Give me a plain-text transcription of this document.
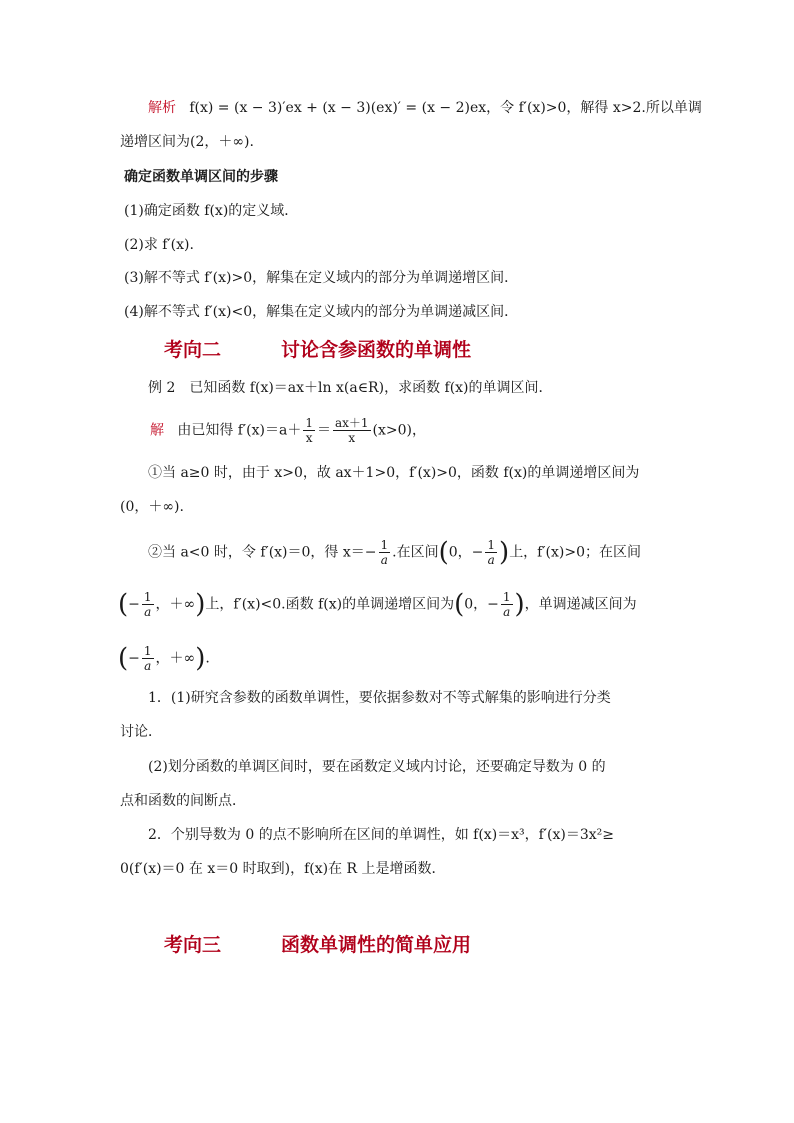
解析 f(x) = (x − 3)′ex + (x − 3)(ex)′ = (x − 2)ex，令 f′(x)>0，解得 x>2.所以单调
递增区间为(2，＋∞).
确定函数单调区间的步骤
(1)确定函数 f(x)的定义域．
(2)求 f′(x).
(3)解不等式 f′(x)>0，解集在定义域内的部分为单调递增区间．
(4)解不等式 f′(x)<0，解集在定义域内的部分为单调递减区间．
考向二	讨论含参函数的单调性
例 2　已知函数 f(x)＝ax＋ln x(a∈R)，求函数 f(x)的单调区间．
解 由已知得 $f'(x)=a+ \frac{1}{x} = \frac{ax+1}{x} (x>0)$，
①当 a≥0 时，由于 x>0，故 ax＋1>0，f′(x)>0，函数 f(x)的单调递增区间为
(0，＋∞).
②当 a<0 时，令 f′(x)＝0，得 $x=- \frac{1}{a}$ .在区间(0，− $\frac{1}{a}$ )上，f′(x)>0；在区间
(− $\frac{1}{a}$ ，＋∞)上，f′(x)<0.函数 f(x)的单调递增区间为(0，− $\frac{1}{a}$ )，单调递减区间为
(− $\frac{1}{a}$ ，＋∞).
1．(1)研究含参数的函数单调性，要依据参数对不等式解集的影响进行分类
讨论．
(2)划分函数的单调区间时，要在函数定义域内讨论，还要确定导数为 0 的
点和函数的间断点．
2．个别导数为 0 的点不影响所在区间的单调性，如 f(x)＝x³，f′(x)＝3x²≥
0(f′(x)＝0 在 x＝0 时取到)，f(x)在 R 上是增函数．
考向三	函数单调性的简单应用
